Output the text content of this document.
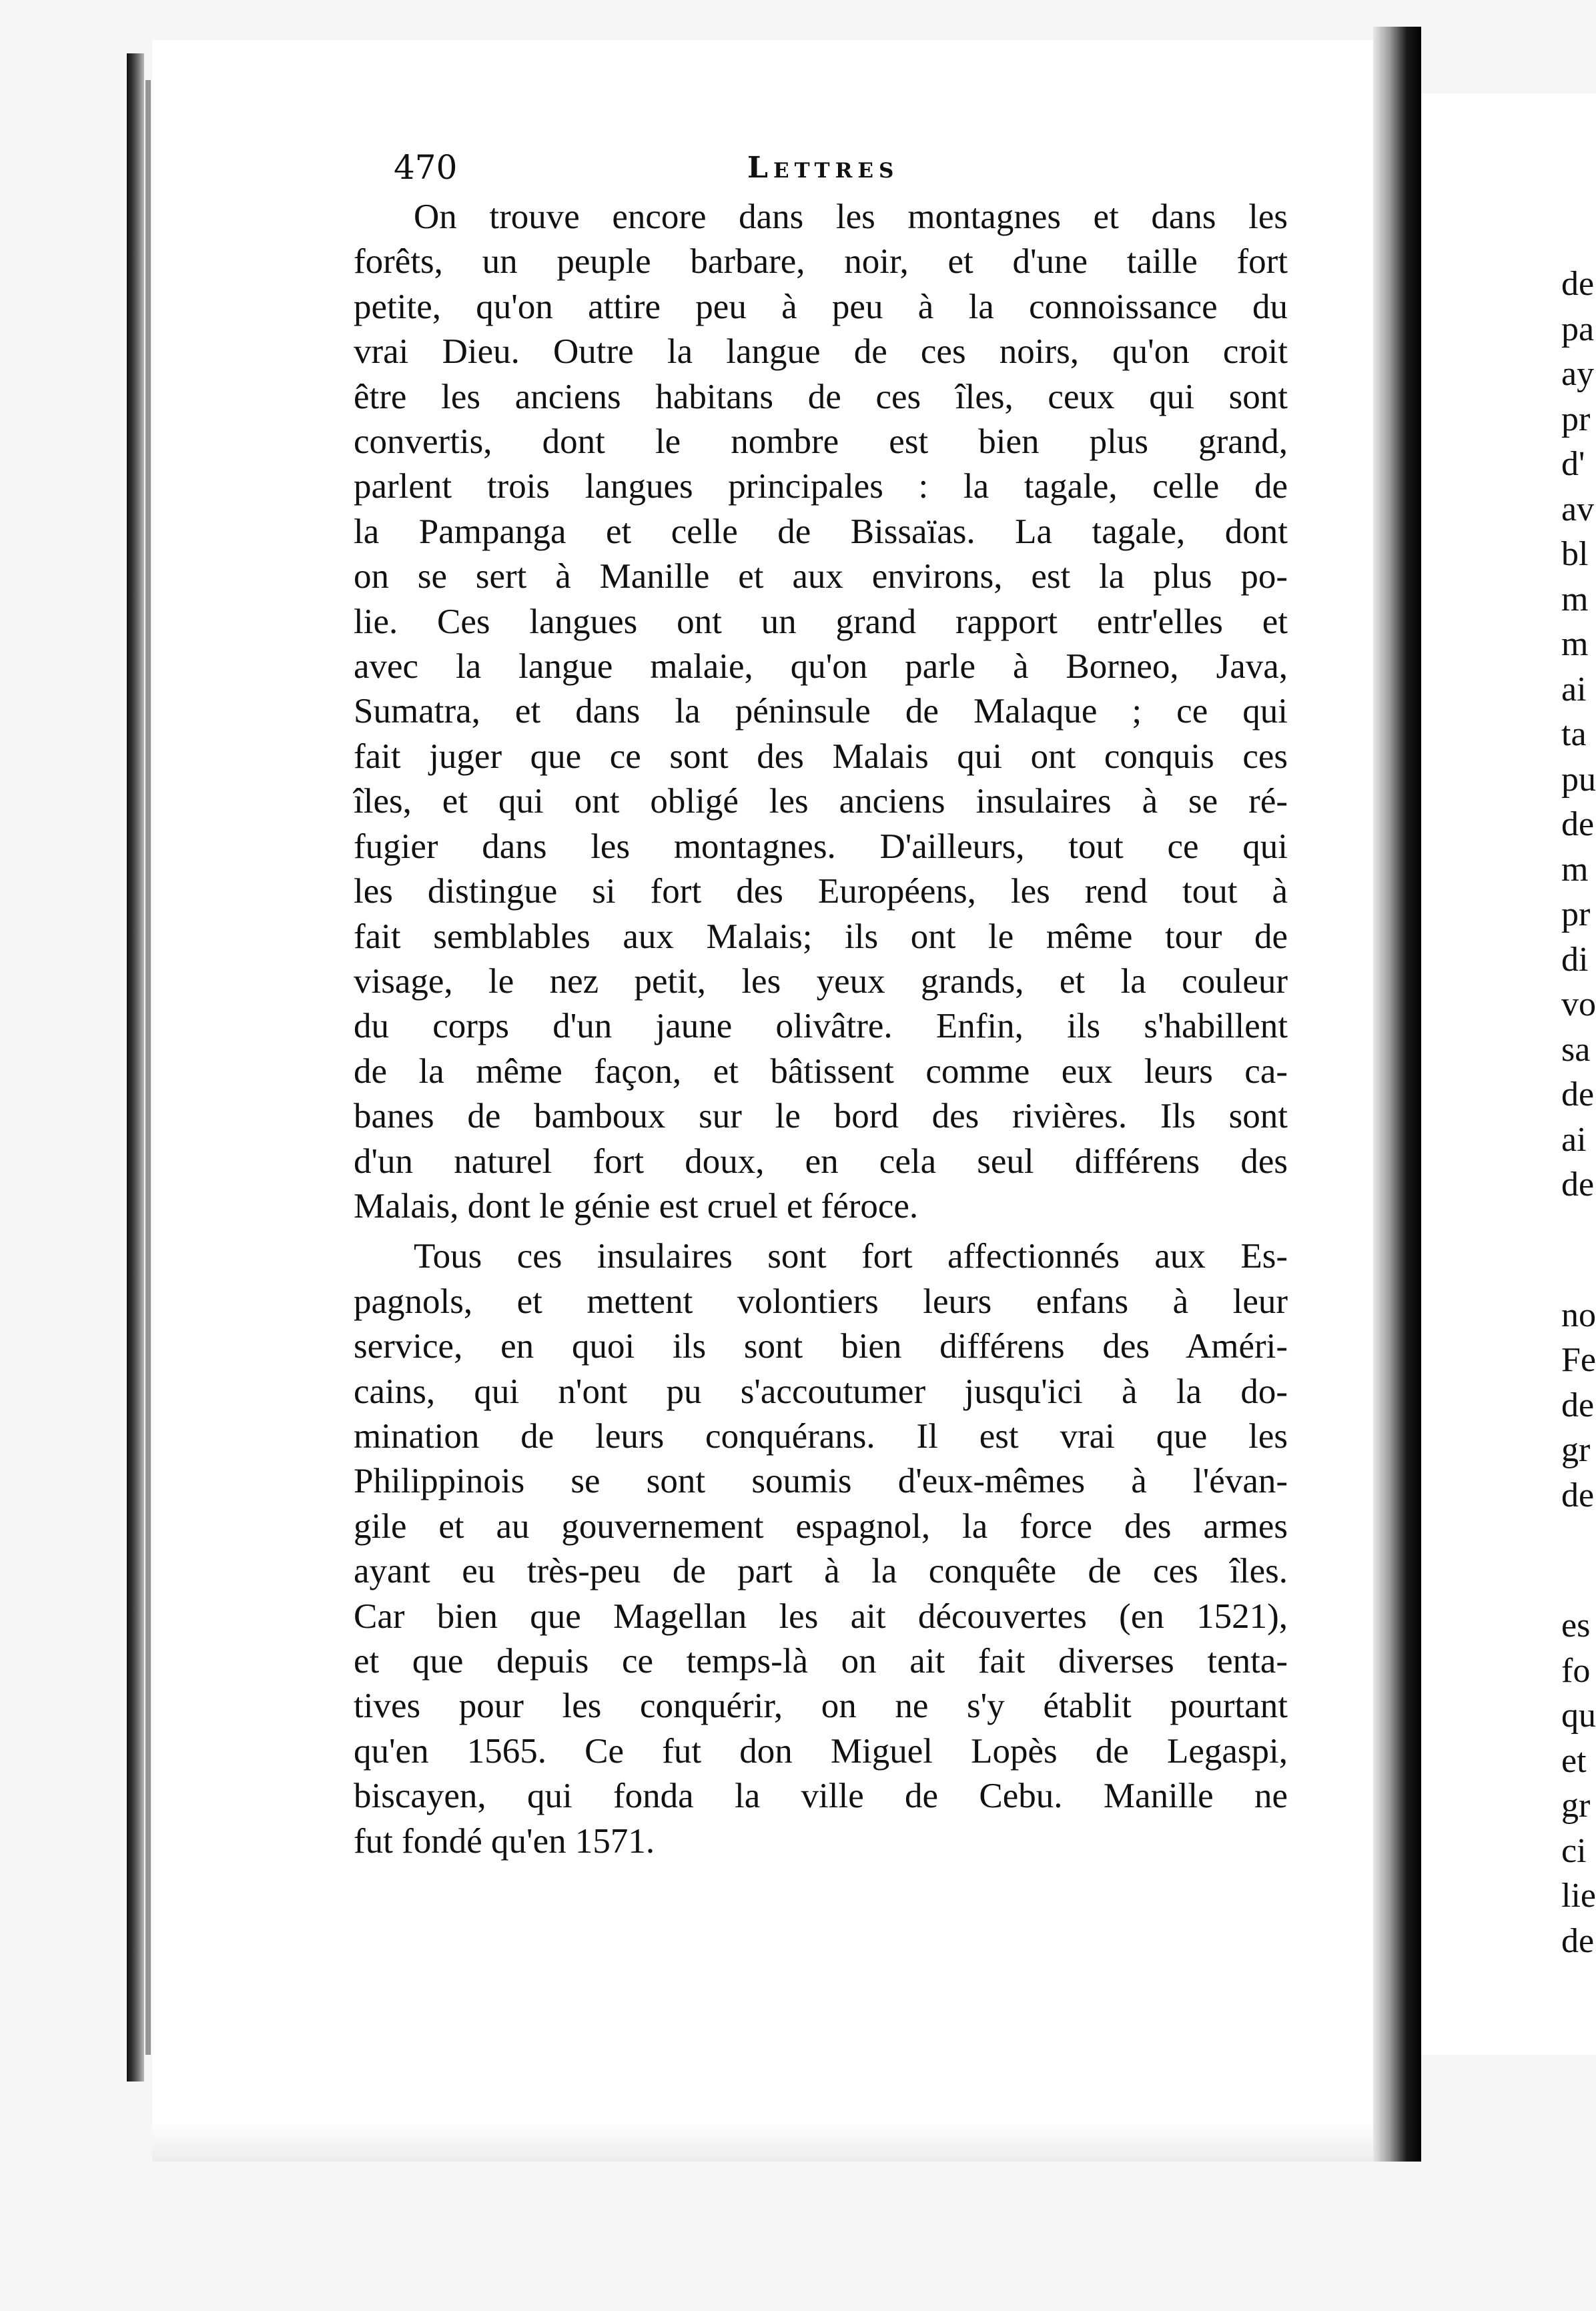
470	Lettres
On trouve encore dans les montagnes et dans les
forêts, un peuple barbare, noir, et d'une taille fort
petite, qu'on attire peu à peu à la connoissance du
vrai Dieu. Outre la langue de ces noirs, qu'on croit
être les anciens habitans de ces îles, ceux qui sont
convertis, dont le nombre est bien plus grand,
parlent trois langues principales : la tagale, celle de
la Pampanga et celle de Bissaïas. La tagale, dont
on se sert à Manille et aux environs, est la plus po-
lie. Ces langues ont un grand rapport entr'elles et
avec la langue malaie, qu'on parle à Borneo, Java,
Sumatra, et dans la péninsule de Malaque ; ce qui
fait juger que ce sont des Malais qui ont conquis ces
îles, et qui ont obligé les anciens insulaires à se ré-
fugier dans les montagnes. D'ailleurs, tout ce qui
les distingue si fort des Européens, les rend tout à
fait semblables aux Malais; ils ont le même tour de
visage, le nez petit, les yeux grands, et la couleur
du corps d'un jaune olivâtre. Enfin, ils s'habillent
de la même façon, et bâtissent comme eux leurs ca-
banes de bambouх sur le bord des rivières. Ils sont
d'un naturel fort doux, en cela seul différens des
Malais, dont le génie est cruel et féroce.
Tous ces insulaires sont fort affectionnés aux Es-
pagnols, et mettent volontiers leurs enfans à leur
service, en quoi ils sont bien différens des Améri-
cains, qui n'ont pu s'accoutumer jusqu'ici à la do-
mination de leurs conquérans. Il est vrai que les
Philippinois se sont soumis d'eux-mêmes à l'évan-
gile et au gouvernement espagnol, la force des armes
ayant eu très-peu de part à la conquête de ces îles.
Car bien que Magellan les ait découvertes (en 1521),
et que depuis ce temps-là on ait fait diverses tenta-
tives pour les conquérir, on ne s'y établit pourtant
qu'en 1565. Ce fut don Miguel Lopès de Legaspi,
biscayen, qui fonda la ville de Cebu. Manille ne
fut fondé qu'en 1571.
de
pa
ay
pr
d'
av
bl
m
m
ai
ta
pu
de
m
pr
di
vo
sa
de
ai
de
no
Fe
de
gr
de
es
fo
qu
et
gr
ci
lie
de
